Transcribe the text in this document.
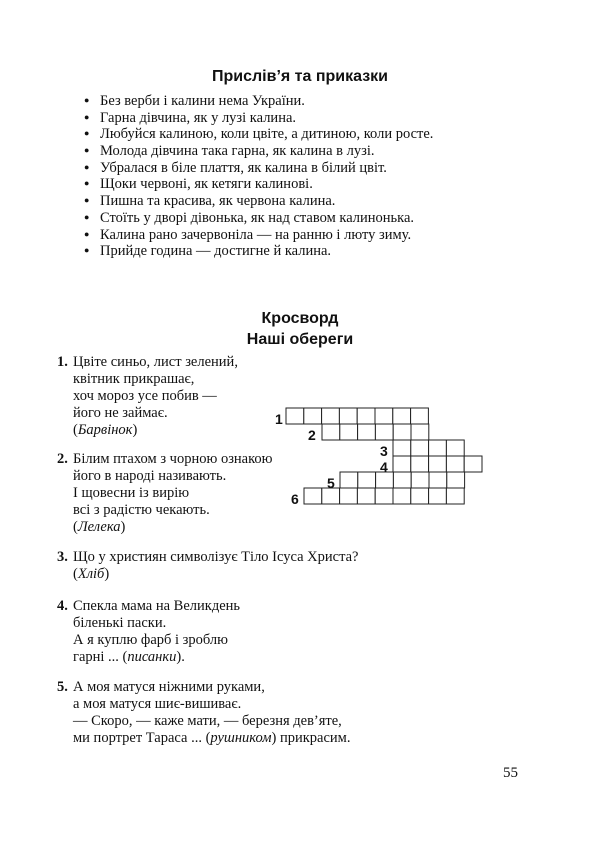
Прислів’я та приказки
● Без верби і калини нема України.
● Гарна дівчина, як у лузі калина.
● Любуйся калиною, коли цвіте, а дитиною, коли росте.
● Молода дівчина така гарна, як калина в лузі.
● Убралася в біле плаття, як калина в білий цвіт.
● Щоки червоні, як кетяги калинові.
● Пишна та красива, як червона калина.
● Стоїть у дворі дівонька, як над ставом калинонька.
● Калина рано зачервоніла — на ранню і люту зиму.
● Прийде година — достигне й калина.
Кросворд
Наші обереги
1. Цвіте синьо, лист зелений,
квітник прикрашає,
хоч мороз усе побив —
його не займає.
(Барвінок)
2. Білим птахом з чорною ознакою
його в народі називають.
І щовесни із вирію
всі з радістю чекають.
(Лелека)
3. Що у християн символізує Тіло Ісуса Христа?
(Хліб)
4. Спекла мама на Великдень
біленькі паски.
А я куплю фарб і зроблю
гарні ... (писанки).
5. А моя матуся ніжними руками,
а моя матуся шиє-вишиває.
— Скоро, — каже мати, — березня дев’яте,
ми портрет Тараса ... (рушником) прикрасим.
1
2
3
4
5
6
55
